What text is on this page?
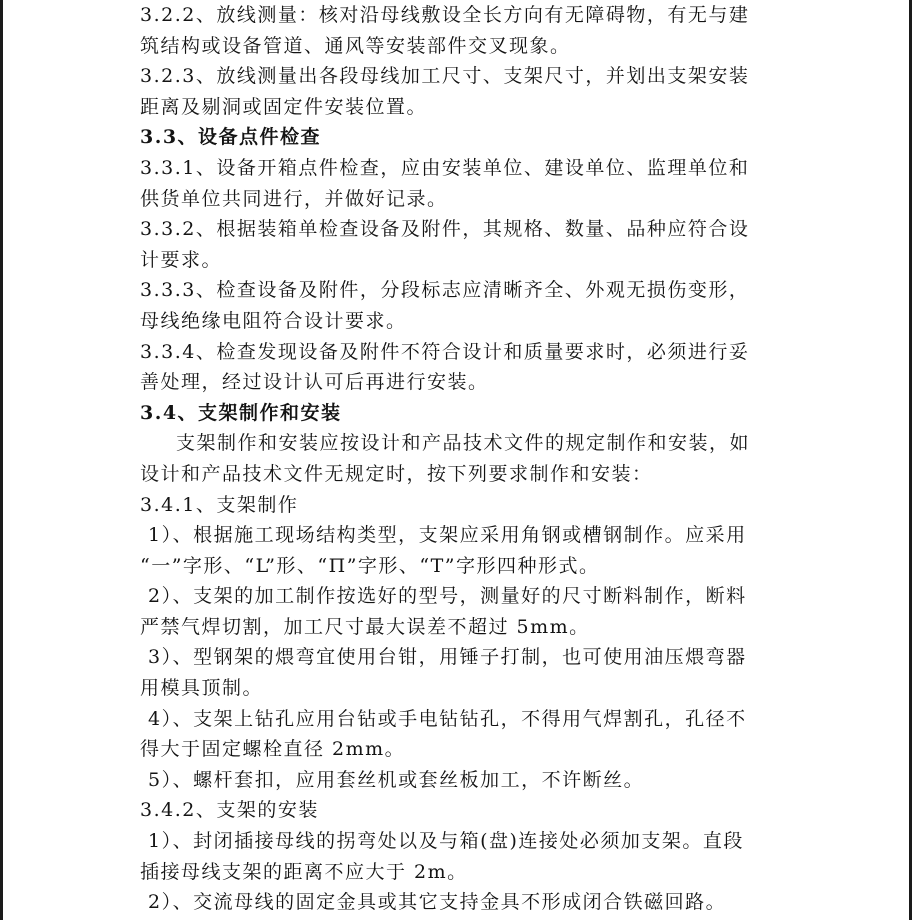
3.2.2、放线测量：核对沿母线敷设全长方向有无障碍物，有无与建
筑结构或设备管道、通风等安装部件交叉现象。
3.2.3、放线测量出各段母线加工尺寸、支架尺寸，并划出支架安装
距离及剔洞或固定件安装位置。
3.3、设备点件检查
3.3.1、设备开箱点件检查，应由安装单位、建设单位、监理单位和
供货单位共同进行，并做好记录。
3.3.2、根据装箱单检查设备及附件，其规格、数量、品种应符合设
计要求。
3.3.3、检查设备及附件，分段标志应清晰齐全、外观无损伤变形，
母线绝缘电阻符合设计要求。
3.3.4、检查发现设备及附件不符合设计和质量要求时，必须进行妥
善处理，经过设计认可后再进行安装。
3.4、支架制作和安装
支架制作和安装应按设计和产品技术文件的规定制作和安装，如
设计和产品技术文件无规定时，按下列要求制作和安装：
3.4.1、支架制作
1）、根据施工现场结构类型，支架应采用角钢或槽钢制作。应采用
“一”字形、“L”形、“Π”字形、“T”字形四种形式。
2）、支架的加工制作按选好的型号，测量好的尺寸断料制作，断料
严禁气焊切割，加工尺寸最大误差不超过 5mm。
3）、型钢架的煨弯宜使用台钳，用锤子打制，也可使用油压煨弯器
用模具顶制。
4）、支架上钻孔应用台钻或手电钻钻孔，不得用气焊割孔，孔径不
得大于固定螺栓直径 2mm。
5）、螺杆套扣，应用套丝机或套丝板加工，不许断丝。
3.4.2、支架的安装
1）、封闭插接母线的拐弯处以及与箱(盘)连接处必须加支架。直段
插接母线支架的距离不应大于 2m。
2）、交流母线的固定金具或其它支持金具不形成闭合铁磁回路。
